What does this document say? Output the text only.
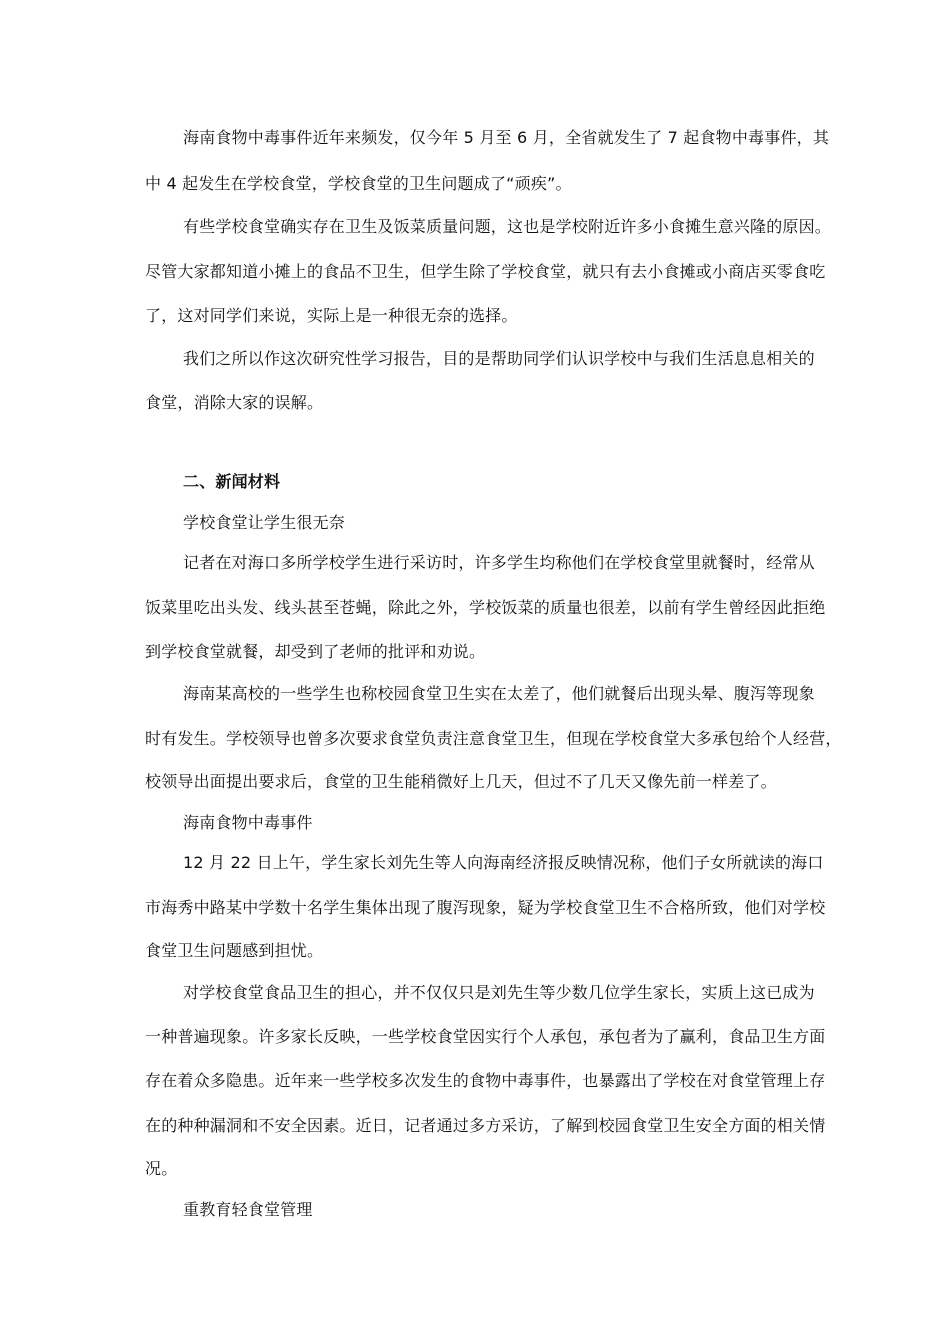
海南食物中毒事件近年来频发，仅今年 5 月至 6 月，全省就发生了 7 起食物中毒事件，其
中 4 起发生在学校食堂，学校食堂的卫生问题成了“顽疾”。
有些学校食堂确实存在卫生及饭菜质量问题，这也是学校附近许多小食摊生意兴隆的原因。
尽管大家都知道小摊上的食品不卫生，但学生除了学校食堂，就只有去小食摊或小商店买零食吃
了，这对同学们来说，实际上是一种很无奈的选择。
我们之所以作这次研究性学习报告，目的是帮助同学们认识学校中与我们生活息息相关的
食堂，消除大家的误解。
二、新闻材料
学校食堂让学生很无奈
记者在对海口多所学校学生进行采访时，许多学生均称他们在学校食堂里就餐时，经常从
饭菜里吃出头发、线头甚至苍蝇，除此之外，学校饭菜的质量也很差，以前有学生曾经因此拒绝
到学校食堂就餐，却受到了老师的批评和劝说。
海南某高校的一些学生也称校园食堂卫生实在太差了，他们就餐后出现头晕、腹泻等现象
时有发生。学校领导也曾多次要求食堂负责注意食堂卫生，但现在学校食堂大多承包给个人经营，
校领导出面提出要求后，食堂的卫生能稍微好上几天，但过不了几天又像先前一样差了。
海南食物中毒事件
12 月 22 日上午，学生家长刘先生等人向海南经济报反映情况称，他们子女所就读的海口
市海秀中路某中学数十名学生集体出现了腹泻现象，疑为学校食堂卫生不合格所致，他们对学校
食堂卫生问题感到担忧。
对学校食堂食品卫生的担心，并不仅仅只是刘先生等少数几位学生家长，实质上这已成为
一种普遍现象。许多家长反映，一些学校食堂因实行个人承包，承包者为了赢利，食品卫生方面
存在着众多隐患。近年来一些学校多次发生的食物中毒事件，也暴露出了学校在对食堂管理上存
在的种种漏洞和不安全因素。近日，记者通过多方采访，了解到校园食堂卫生安全方面的相关情
况。
重教育轻食堂管理
